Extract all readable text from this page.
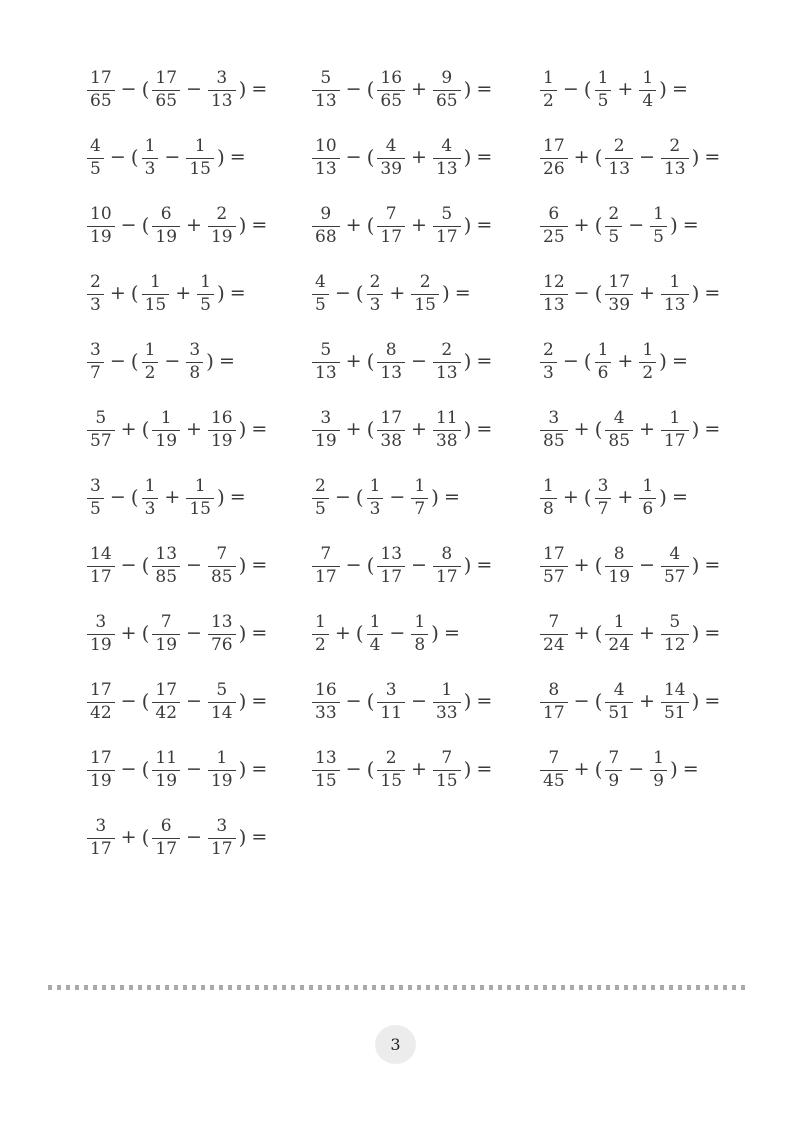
$\frac{17}{65}$ − ( $\frac{17}{65} - \frac{3}{13}$ ) =	$\frac{5}{13}$ − ( $\frac{16}{65} + \frac{9}{65}$ ) =	$\frac{1}{2}$ − ( $\frac{1}{5} + \frac{1}{4}$ ) =
$\frac{4}{5}$ − ( $\frac{1}{3} - \frac{1}{15}$ ) =	$\frac{10}{13}$ − ( $\frac{4}{39} + \frac{4}{13}$ ) =	$\frac{17}{26}$ + ( $\frac{2}{13} - \frac{2}{13}$ ) =
$\frac{10}{19}$ − ( $\frac{6}{19} + \frac{2}{19}$ ) =	$\frac{9}{68}$ + ( $\frac{7}{17} + \frac{5}{17}$ ) =	$\frac{6}{25}$ + ( $\frac{2}{5} - \frac{1}{5}$ ) =
$\frac{2}{3}$ + ( $\frac{1}{15} + \frac{1}{5}$ ) =	$\frac{4}{5}$ − ( $\frac{2}{3} + \frac{2}{15}$ ) =	$\frac{12}{13}$ − ( $\frac{17}{39} + \frac{1}{13}$ ) =
$\frac{3}{7}$ − ( $\frac{1}{2} - \frac{3}{8}$ ) =	$\frac{5}{13}$ + ( $\frac{8}{13} - \frac{2}{13}$ ) =	$\frac{2}{3}$ − ( $\frac{1}{6} + \frac{1}{2}$ ) =
$\frac{5}{57}$ + ( $\frac{1}{19} + \frac{16}{19}$ ) =	$\frac{3}{19}$ + ( $\frac{17}{38} + \frac{11}{38}$ ) =	$\frac{3}{85}$ + ( $\frac{4}{85} + \frac{1}{17}$ ) =
$\frac{3}{5}$ − ( $\frac{1}{3} + \frac{1}{15}$ ) =	$\frac{2}{5}$ − ( $\frac{1}{3} - \frac{1}{7}$ ) =	$\frac{1}{8}$ + ( $\frac{3}{7} + \frac{1}{6}$ ) =
$\frac{14}{17}$ − ( $\frac{13}{85} - \frac{7}{85}$ ) =	$\frac{7}{17}$ − ( $\frac{13}{17} - \frac{8}{17}$ ) =	$\frac{17}{57}$ + ( $\frac{8}{19} - \frac{4}{57}$ ) =
$\frac{3}{19}$ + ( $\frac{7}{19} - \frac{13}{76}$ ) =	$\frac{1}{2}$ + ( $\frac{1}{4} - \frac{1}{8}$ ) =	$\frac{7}{24}$ + ( $\frac{1}{24} + \frac{5}{12}$ ) =
$\frac{17}{42}$ − ( $\frac{17}{42} - \frac{5}{14}$ ) =	$\frac{16}{33}$ − ( $\frac{3}{11} - \frac{1}{33}$ ) =	$\frac{8}{17}$ − ( $\frac{4}{51} + \frac{14}{51}$ ) =
$\frac{17}{19}$ − ( $\frac{11}{19} - \frac{1}{19}$ ) =	$\frac{13}{15}$ − ( $\frac{2}{15} + \frac{7}{15}$ ) =	$\frac{7}{45}$ + ( $\frac{7}{9} - \frac{1}{9}$ ) =
$\frac{3}{17}$ + ( $\frac{6}{17} - \frac{3}{17}$ ) =
3
